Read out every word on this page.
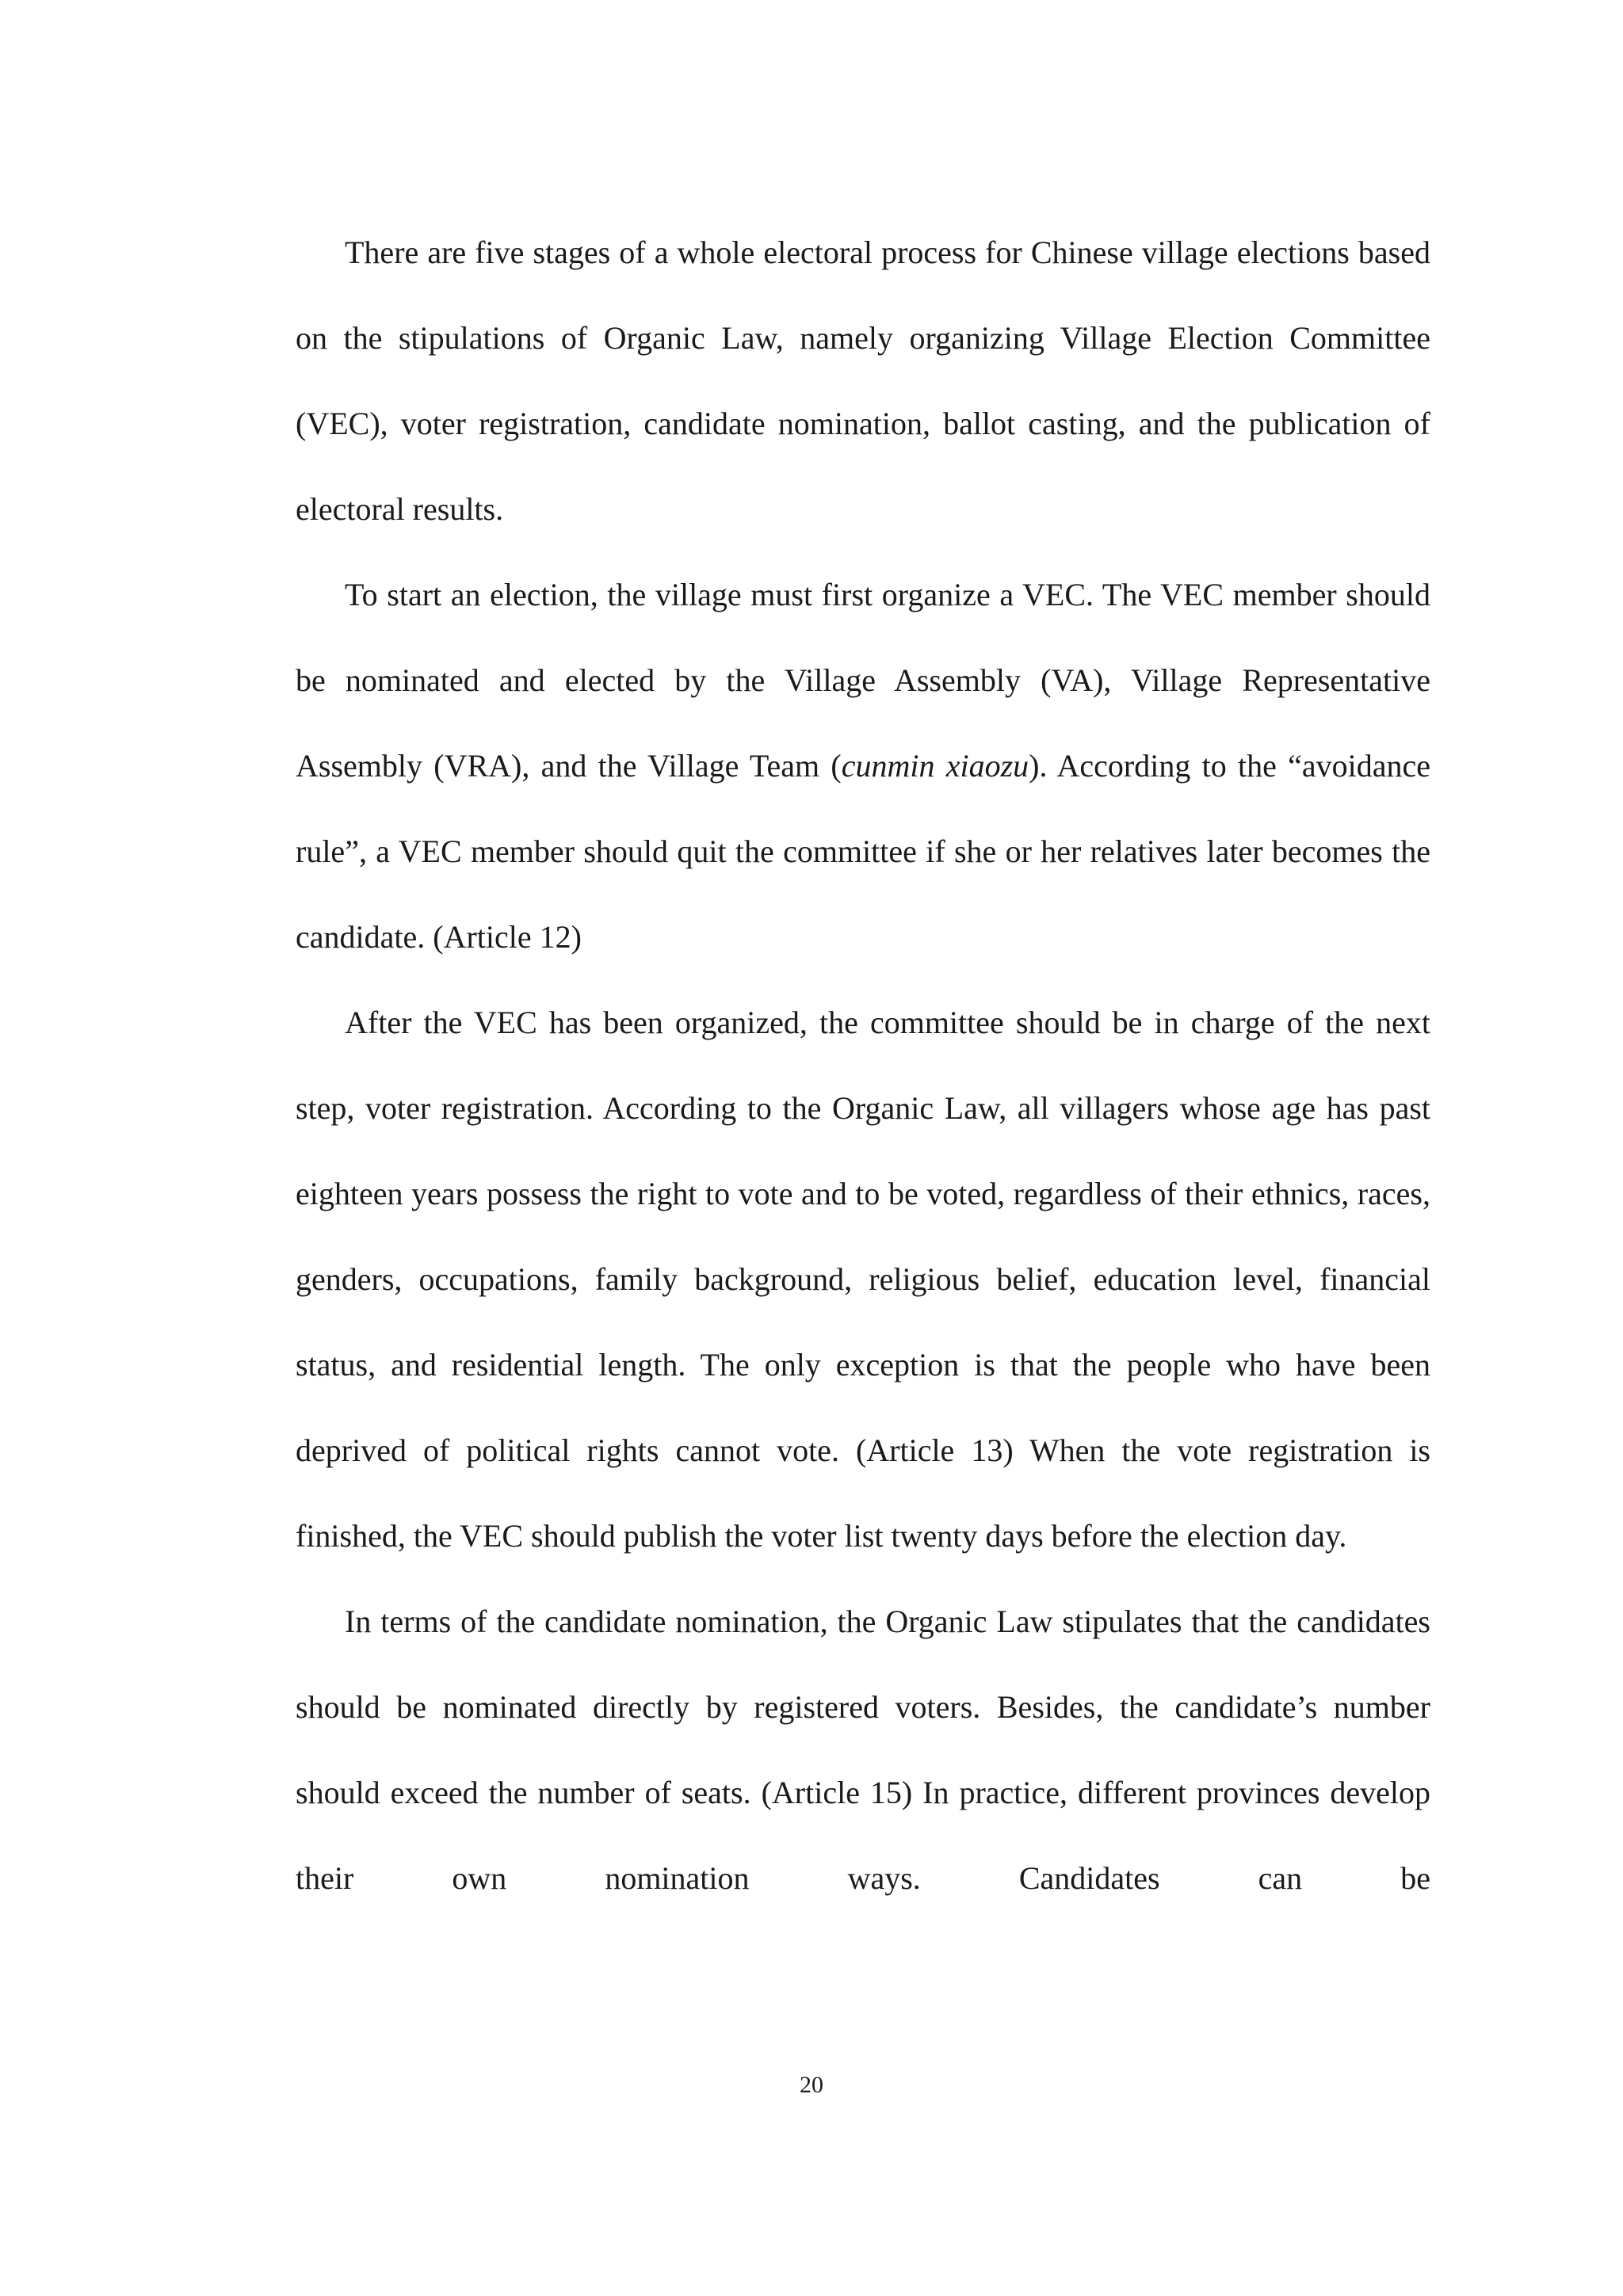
There are five stages of a whole electoral process for Chinese village elections based on the stipulations of Organic Law, namely organizing Village Election Committee (VEC), voter registration, candidate nomination, ballot casting, and the publication of electoral results.

To start an election, the village must first organize a VEC. The VEC member should be nominated and elected by the Village Assembly (VA), Village Representative Assembly (VRA), and the Village Team (cunmin xiaozu). According to the “avoidance rule”, a VEC member should quit the committee if she or her relatives later becomes the candidate. (Article 12)

After the VEC has been organized, the committee should be in charge of the next step, voter registration. According to the Organic Law, all villagers whose age has past eighteen years possess the right to vote and to be voted, regardless of their ethnics, races, genders, occupations, family background, religious belief, education level, financial status, and residential length. The only exception is that the people who have been deprived of political rights cannot vote. (Article 13) When the vote registration is finished, the VEC should publish the voter list twenty days before the election day.

In terms of the candidate nomination, the Organic Law stipulates that the candidates should be nominated directly by registered voters. Besides, the candidate’s number should exceed the number of seats. (Article 15) In practice, different provinces develop their own nomination ways. Candidates can be

20
